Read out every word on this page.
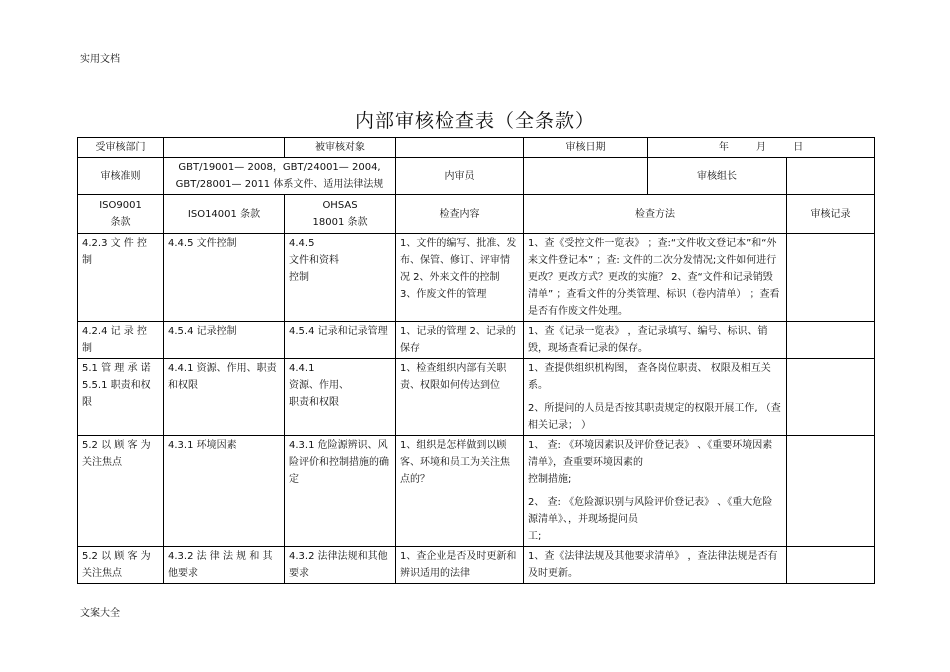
实用文档
内部审核检查表（全条款）
受审核部门		被审核对象		审核日期	年 月 日	
审核准则	GBT/19001— 2008，GBT/24001— 2004,
GBT/28001— 2011 体系文件、适用法律法规		内审员		审核组长	

ISO9001
条款	ISO14001 条款	OHSAS
18001 条款	检查内容	检查方法		审核记录
4.2.3 文 件 控 制	4.4.5 文件控制	4.4.5
文件和资料
控制	1、文件的编写、批准、发布、保管、修订、评审情况 2、外来文件的控制 3、作废文件的管理	1、查《受控文件一览表》 ；查:“文件收文登记本”和“外来文件登记本” ；查: 文件的二次分发情况;文件如何进行更改？更改方式？更改的实施？ 2、查“文件和记录销毁清单” ；查看文件的分类管理、标识（卷内清单） ；查看是否有作废文件处理。		

4.2.4 记 录 控 制	4.5.4 记录控制	4.5.4 记录和记录管理	1、记录的管理 2、记录的保存	1、查《记录一览表》 ，查记录填写、编号、标识、销毁，现场查看记录的保存。		

5.1 管 理 承 诺 5.5.1 职责和权限	4.4.1 资源、作用、职责和权限	4.4.1
资源、作用、
职责和权限	1、检查组织内部有关职责、权限如何传达到位	1、查提供组织机构图， 查各岗位职责、 权限及相互关系。
2、所提问的人员是否按其职责规定的权限开展工作, （查相关记录； ）		

5.2 以 顾 客 为 关注焦点	4.3.1 环境因素	4.3.1 危险源辨识、风险评价和控制措施的确定	1、组织是怎样做到以顾客、环境和员工为关注焦点的？	1、 查: 《环境因素识及评价登记表》 、《重要环境因素清单》，查重要环境因素的
控制措施;
2、 查: 《危险源识别与风险评价登记表》 、《重大危险源清单》、，并现场提问员
工;		

5.2 以 顾 客 为 关注焦点	4.3.2 法 律 法 规 和 其 他要求	4.3.2 法律法规和其他要求	1、查企业是否及时更新和辨识适用的法律	1、查《法律法规及其他要求清单》 ，查法律法规是否有及时更新。		

文案大全
